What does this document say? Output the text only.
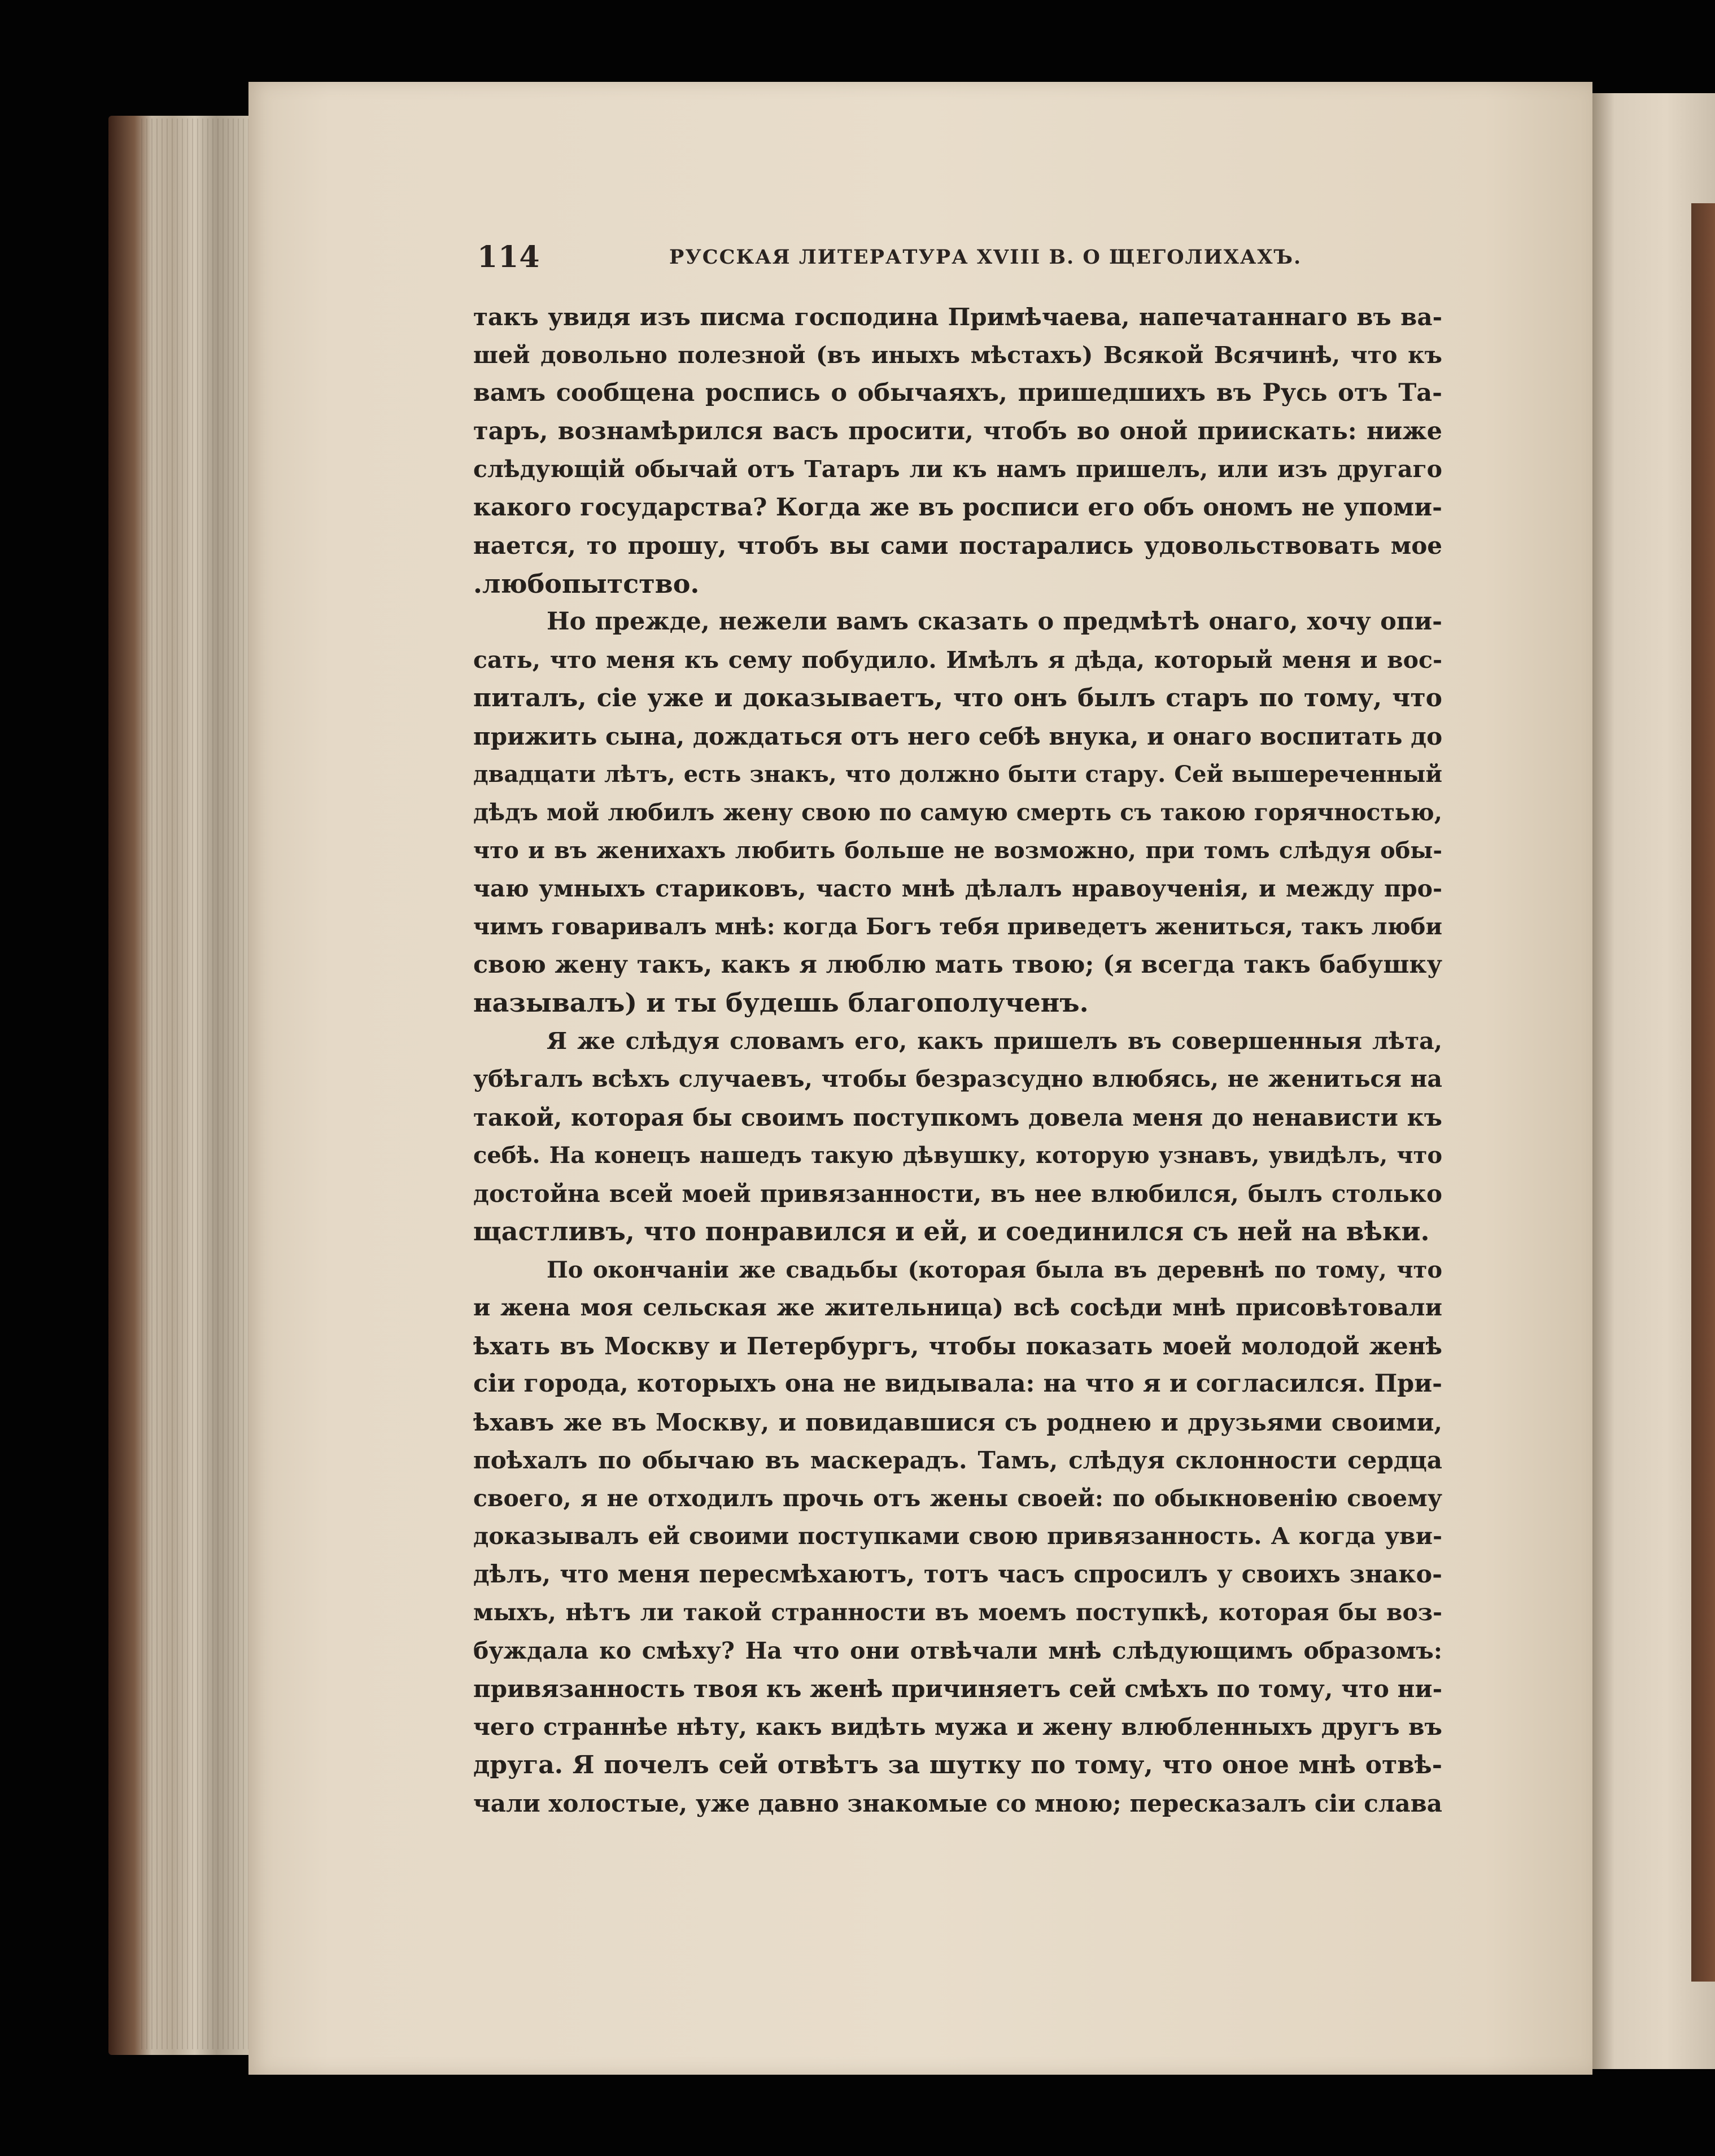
114	РУССКАЯ ЛИТЕРАТУРА XVIII В. О ЩЕГОЛИХАХЪ.
такъ увидя изъ писма господина Примѣчаева, напечатаннаго въ ва-
шей довольно полезной (въ иныхъ мѣстахъ) Всякой Всячинѣ, что къ
вамъ сообщена роспись о обычаяхъ, пришедшихъ въ Русь отъ Та-
таръ, вознамѣрился васъ просити, чтобъ во оной приискать: ниже
слѣдующій обычай отъ Татаръ ли къ намъ пришелъ, или изъ другаго
какого государства? Когда же въ росписи его объ ономъ не упоми-
нается, то прошу, чтобъ вы сами постарались удовольствовать мое
.любопытство.
Но прежде, нежели вамъ сказать о предмѣтѣ онаго, хочу опи-
сать, что меня къ сему побудило. Имѣлъ я дѣда, который меня и вос-
питалъ, сіе уже и доказываетъ, что онъ былъ старъ по тому, что
прижить сына, дождаться отъ него себѣ внука, и онаго воспитать до
двадцати лѣтъ, есть знакъ, что должно быти стару. Сей вышереченный
дѣдъ мой любилъ жену свою по самую смерть съ такою горячностью,
что и въ женихахъ любить больше не возможно, при томъ слѣдуя обы-
чаю умныхъ стариковъ, часто мнѣ дѣлалъ нравоученія, и между про-
чимъ говаривалъ мнѣ: когда Богъ тебя приведетъ жениться, такъ люби
свою жену такъ, какъ я люблю мать твою; (я всегда такъ бабушку
называлъ) и ты будешь благополученъ.
Я же слѣдуя словамъ его, какъ пришелъ въ совершенныя лѣта,
убѣгалъ всѣхъ случаевъ, чтобы безразсудно влюбясь, не жениться на
такой, которая бы своимъ поступкомъ довела меня до ненависти къ
себѣ. На конецъ нашедъ такую дѣвушку, которую узнавъ, увидѣлъ, что
достойна всей моей привязанности, въ нее влюбился, былъ столько
щастливъ, что понравился и ей, и соединился съ ней на вѣки.
По окончаніи же свадьбы (которая была въ деревнѣ по тому, что
и жена моя сельская же жительница) всѣ сосѣди мнѣ присовѣтовали
ѣхать въ Москву и Петербургъ, чтобы показать моей молодой женѣ
сіи города, которыхъ она не видывала: на что я и согласился. При-
ѣхавъ же въ Москву, и повидавшися съ роднею и друзьями своими,
поѣхалъ по обычаю въ маскерадъ. Тамъ, слѣдуя склонности сердца
своего, я не отходилъ прочь отъ жены своей: по обыкновенію своему
доказывалъ ей своими поступками свою привязанность. А когда уви-
дѣлъ, что меня пересмѣхаютъ, тотъ часъ спросилъ у своихъ знако-
мыхъ, нѣтъ ли такой странности въ моемъ поступкѣ, которая бы воз-
буждала ко смѣху? На что они отвѣчали мнѣ слѣдующимъ образомъ:
привязанность твоя къ женѣ причиняетъ сей смѣхъ по тому, что ни-
чего страннѣе нѣту, какъ видѣть мужа и жену влюбленныхъ другъ въ
друга. Я почелъ сей отвѣтъ за шутку по тому, что оное мнѣ отвѣ-
чали холостые, уже давно знакомые со мною; пересказалъ сіи слава
